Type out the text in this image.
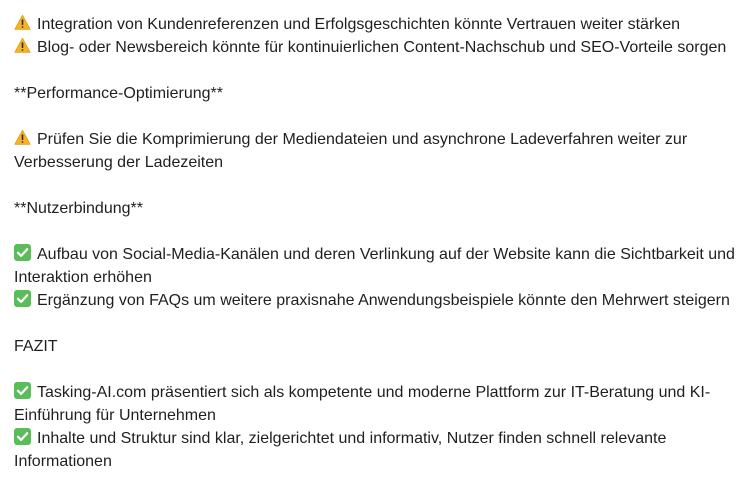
Integration von Kundenreferenzen und Erfolgsgeschichten könnte Vertrauen weiter stärken

Blog- oder Newsbereich könnte für kontinuierlichen Content-Nachschub und SEO-Vorteile sorgen

**Performance-Optimierung**

Prüfen Sie die Komprimierung der Mediendateien und asynchrone Ladeverfahren weiter zur Verbesserung der Ladezeiten

**Nutzerbindung**

Aufbau von Social-Media-Kanälen und deren Verlinkung auf der Website kann die Sichtbarkeit und Interaktion erhöhen

Ergänzung von FAQs um weitere praxisnahe Anwendungsbeispiele könnte den Mehrwert steigern

FAZIT

Tasking-AI.com präsentiert sich als kompetente und moderne Plattform zur IT-Beratung und KI-Einführung für Unternehmen

Inhalte und Struktur sind klar, zielgerichtet und informativ, Nutzer finden schnell relevante Informationen
